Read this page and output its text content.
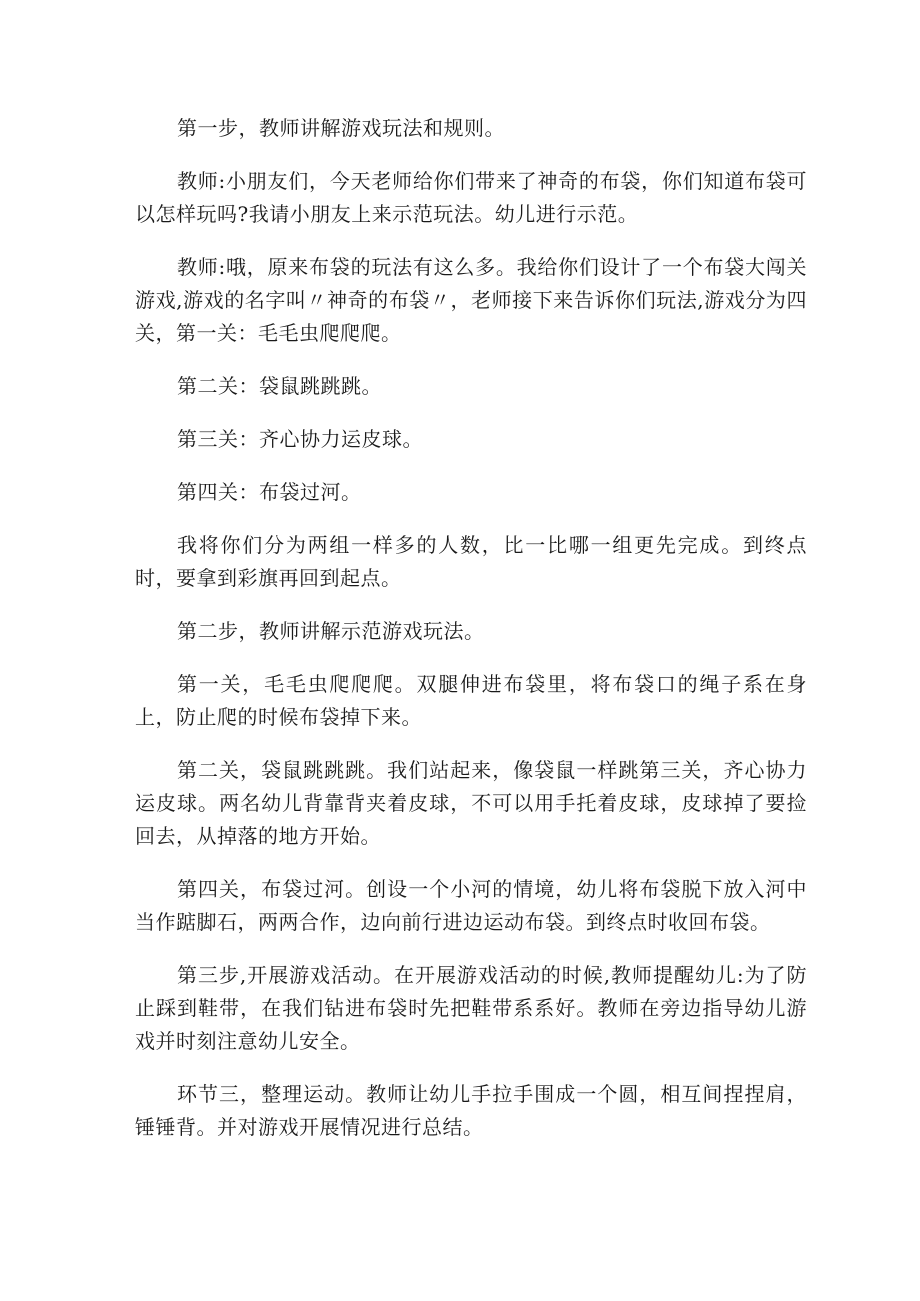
第一步，教师讲解游戏玩法和规则。

教师:小朋友们，今天老师给你们带来了神奇的布袋，你们知道布袋可以怎样玩吗?我请小朋友上来示范玩法。幼儿进行示范。

教师:哦，原来布袋的玩法有这么多。我给你们设计了一个布袋大闯关游戏,游戏的名字叫〃神奇的布袋〃，老师接下来告诉你们玩法,游戏分为四关，第一关：毛毛虫爬爬爬。

第二关：袋鼠跳跳跳。

第三关：齐心协力运皮球。

第四关：布袋过河。

我将你们分为两组一样多的人数，比一比哪一组更先完成。到终点时，要拿到彩旗再回到起点。

第二步，教师讲解示范游戏玩法。

第一关，毛毛虫爬爬爬。双腿伸进布袋里，将布袋口的绳子系在身上，防止爬的时候布袋掉下来。

第二关，袋鼠跳跳跳。我们站起来，像袋鼠一样跳第三关，齐心协力运皮球。两名幼儿背靠背夹着皮球，不可以用手托着皮球，皮球掉了要捡回去，从掉落的地方开始。

第四关，布袋过河。创设一个小河的情境，幼儿将布袋脱下放入河中当作踮脚石，两两合作，边向前行进边运动布袋。到终点时收回布袋。

第三步,开展游戏活动。在开展游戏活动的时候,教师提醒幼儿:为了防止踩到鞋带，在我们钻进布袋时先把鞋带系系好。教师在旁边指导幼儿游戏并时刻注意幼儿安全。

环节三，整理运动。教师让幼儿手拉手围成一个圆，相互间捏捏肩，锤锤背。并对游戏开展情况进行总结。
